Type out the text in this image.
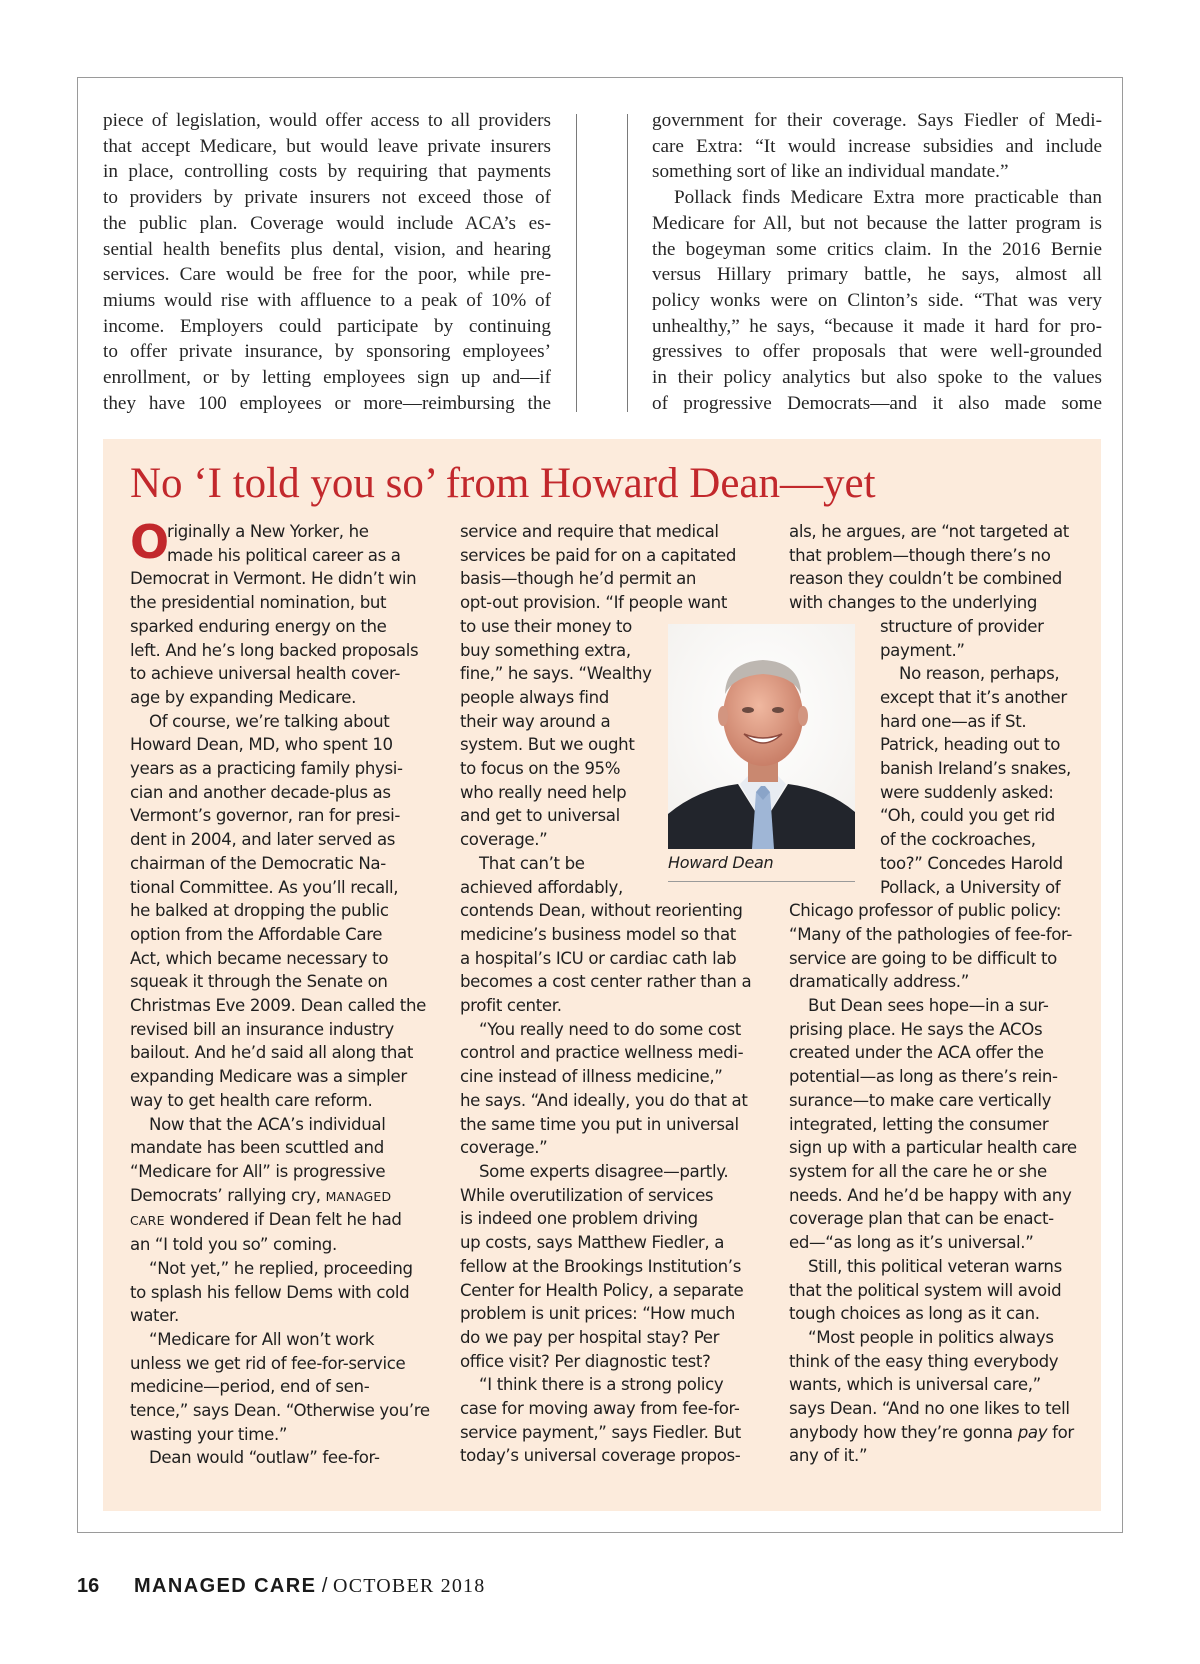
piece of legislation, would offer access to all providers

that accept Medicare, but would leave private insurers

in place, controlling costs by requiring that payments

to providers by private insurers not exceed those of

the public plan. Coverage would include ACA’s es-

sential health benefits plus dental, vision, and hearing

services. Care would be free for the poor, while pre-

miums would rise with affluence to a peak of 10% of

income. Employers could participate by continuing

to offer private insurance, by sponsoring employees’

enrollment, or by letting employees sign up and—if

they have 100 employees or more—reimbursing the

government for their coverage. Says Fiedler of Medi-

care Extra: “It would increase subsidies and include

something sort of like an individual mandate.”

Pollack finds Medicare Extra more practicable than

Medicare for All, but not because the latter program is

the bogeyman some critics claim. In the 2016 Bernie

versus Hillary primary battle, he says, almost all

policy wonks were on Clinton’s side. “That was very

unhealthy,” he says, “because it made it hard for pro-

gressives to offer proposals that were well-grounded

in their policy analytics but also spoke to the values

of progressive Democrats—and it also made some

No ‘I told you so’ from Howard Dean—yet
O
riginally a New Yorker, he
made his political career as a
Democrat in Vermont. He didn’t win
the presidential nomination, but
sparked enduring energy on the
left. And he’s long backed proposals
to achieve universal health cover-
age by expanding Medicare.
Of course, we’re talking about
Howard Dean, MD, who spent 10
years as a practicing family physi-
cian and another decade-plus as
Vermont’s governor, ran for presi-
dent in 2004, and later served as
chairman of the Democratic Na-
tional Committee. As you’ll recall,
he balked at dropping the public
option from the Affordable Care
Act, which became necessary to
squeak it through the Senate on
Christmas Eve 2009. Dean called the
revised bill an insurance industry
bailout. And he’d said all along that
expanding Medicare was a simpler
way to get health care reform.
Now that the ACA’s individual
mandate has been scuttled and
“Medicare for All” is progressive
Democrats’ rallying cry, MANAGED
CARE wondered if Dean felt he had
an “I told you so” coming.
“Not yet,” he replied, proceeding
to splash his fellow Dems with cold
water.
“Medicare for All won’t work
unless we get rid of fee-for-service
medicine—period, end of sen-
tence,” says Dean. “Otherwise you’re
wasting your time.”
Dean would “outlaw” fee-for-
service and require that medical
services be paid for on a capitated
basis—though he’d permit an
opt-out provision. “If people want
to use their money to
buy something extra,
fine,” he says. “Wealthy
people always find
their way around a
system. But we ought
to focus on the 95%
who really need help
and get to universal
coverage.”
That can’t be
achieved affordably,
contends Dean, without reorienting
medicine’s business model so that
a hospital’s ICU or cardiac cath lab
becomes a cost center rather than a
profit center.
“You really need to do some cost
control and practice wellness medi-
cine instead of illness medicine,”
he says. “And ideally, you do that at
the same time you put in universal
coverage.”
Some experts disagree—partly.
While overutilization of services
is indeed one problem driving
up costs, says Matthew Fiedler, a
fellow at the Brookings Institution’s
Center for Health Policy, a separate
problem is unit prices: “How much
do we pay per hospital stay? Per
office visit? Per diagnostic test?
“I think there is a strong policy
case for moving away from fee-for-
service payment,” says Fiedler. But
today’s universal coverage propos-
als, he argues, are “not targeted at
that problem—though there’s no
reason they couldn’t be combined
with changes to the underlying
structure of provider
payment.”
No reason, perhaps,
except that it’s another
hard one—as if St.
Patrick, heading out to
banish Ireland’s snakes,
were suddenly asked:
“Oh, could you get rid
of the cockroaches,
too?” Concedes Harold
Pollack, a University of
Chicago professor of public policy:
“Many of the pathologies of fee-for-
service are going to be difficult to
dramatically address.”
But Dean sees hope—in a sur-
prising place. He says the ACOs
created under the ACA offer the
potential—as long as there’s rein-
surance—to make care vertically
integrated, letting the consumer
sign up with a particular health care
system for all the care he or she
needs. And he’d be happy with any
coverage plan that can be enact-
ed—“as long as it’s universal.”
Still, this political veteran warns
that the political system will avoid
tough choices as long as it can.
“Most people in politics always
think of the easy thing everybody
wants, which is universal care,”
says Dean. “And no one likes to tell
anybody how they’re gonna pay for
any of it.”

Howard Dean

16 MANAGED CARE / OCTOBER 2018
